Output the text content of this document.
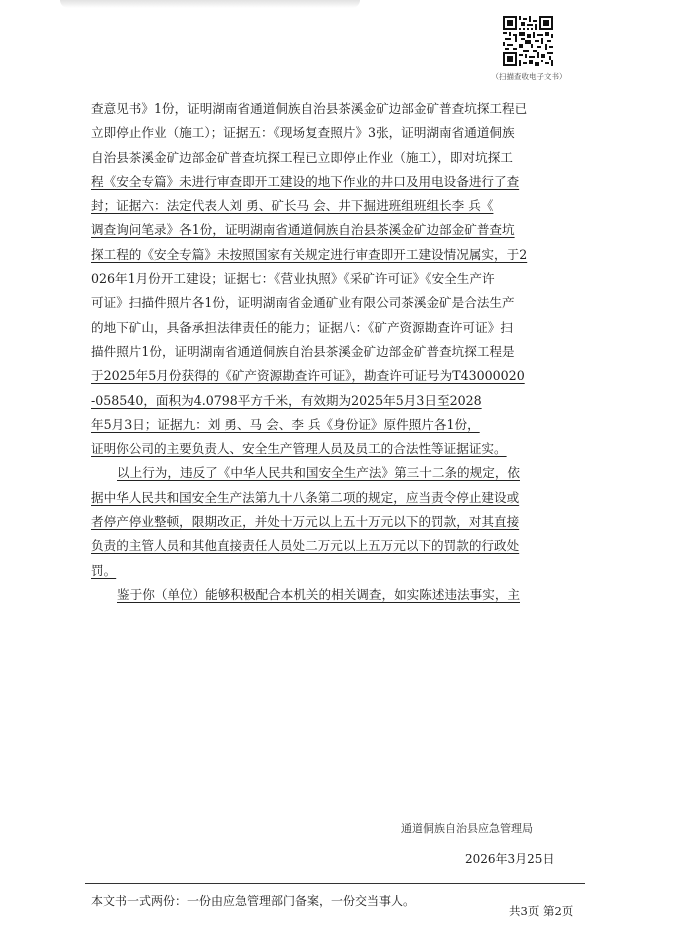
（扫描查收电子文书）
查意见书》1份，证明湖南省通道侗族自治县茶溪金矿边部金矿普查坑探工程已
立即停止作业（施工）；证据五：《现场复查照片》3张，证明湖南省通道侗族
自治县茶溪金矿边部金矿普查坑探工程已立即停止作业（施工），即对坑探工
程《安全专篇》未进行审查即开工建设的地下作业的井口及用电设备进行了查
封；证据六：法定代表人刘 勇、矿长马 会、井下掘进班组班组长李 兵《
调查询问笔录》各1份，证明湖南省通道侗族自治县茶溪金矿边部金矿普查坑
探工程的《安全专篇》未按照国家有关规定进行审查即开工建设情况属实，于2
026年1月份开工建设；证据七：《营业执照》《采矿许可证》《安全生产许
可证》扫描件照片各1份，证明湖南省金通矿业有限公司茶溪金矿是合法生产
的地下矿山，具备承担法律责任的能力；证据八：《矿产资源勘查许可证》扫
描件照片1份，证明湖南省通道侗族自治县茶溪金矿边部金矿普查坑探工程是
于2025年5月份获得的《矿产资源勘查许可证》，勘查许可证号为T43000020
-058540，面积为4.0798平方千米，有效期为2025年5月3日至2028
年5月3日；证据九：刘 勇、马 会、李 兵《身份证》原件照片各1份，
证明你公司的主要负责人、安全生产管理人员及员工的合法性等证据证实。
以上行为，违反了《中华人民共和国安全生产法》第三十二条的规定，依
据中华人民共和国安全生产法第九十八条第二项的规定，应当责令停止建设或
者停产停业整顿，限期改正，并处十万元以上五十万元以下的罚款，对其直接
负责的主管人员和其他直接责任人员处二万元以上五万元以下的罚款的行政处
罚。
鉴于你（单位）能够积极配合本机关的相关调查，如实陈述违法事实，主
通道侗族自治县应急管理局
2026年3月25日
本文书一式两份：一份由应急管理部门备案，一份交当事人。
共3页 第2页
